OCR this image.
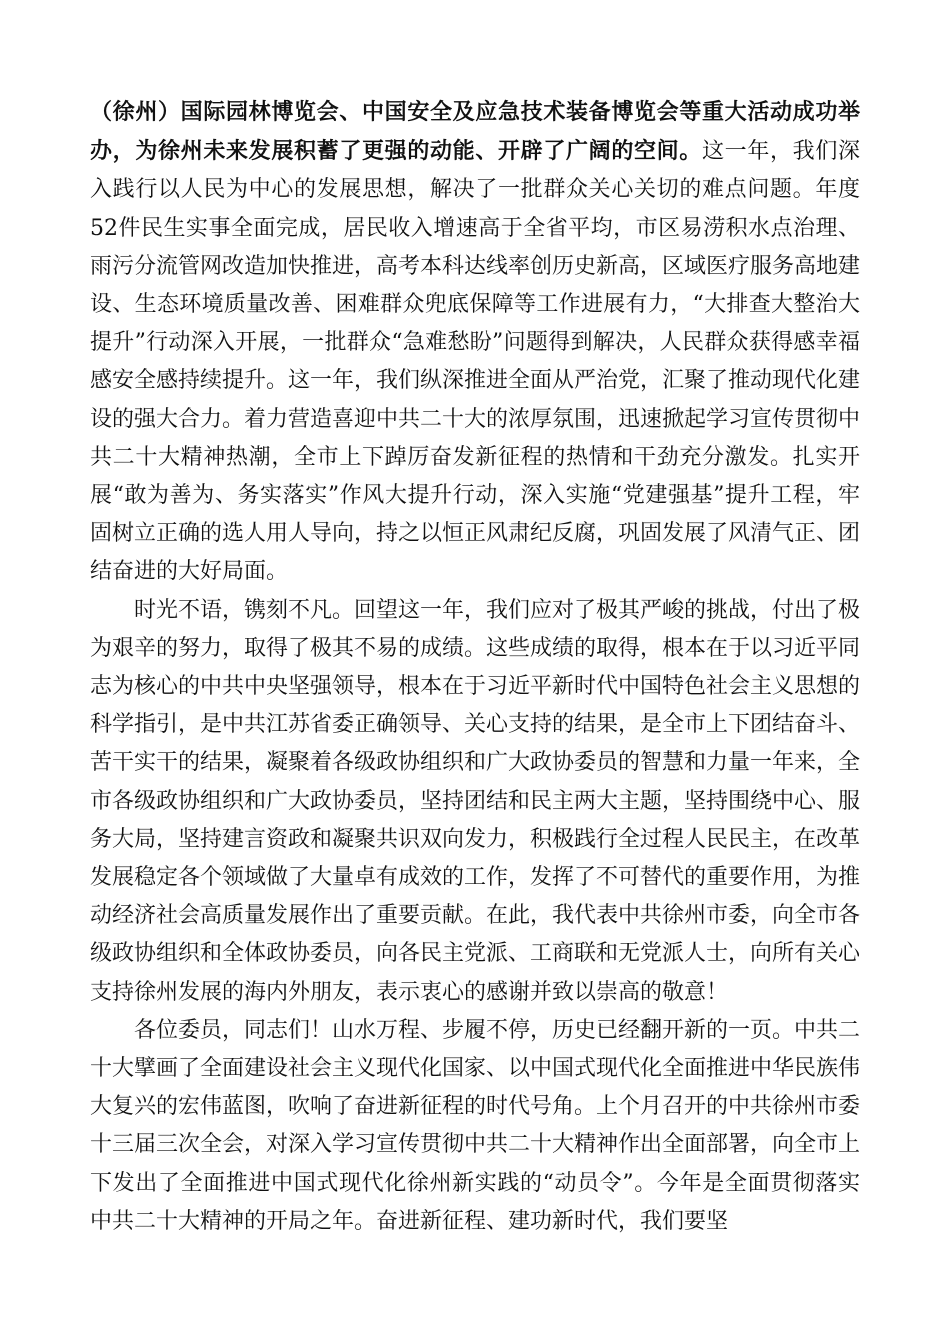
（徐州）国际园林博览会、中国安全及应急技术装备博览会等重大活动成功举办，为徐州未来发展积蓄了更强的动能、开辟了广阔的空间。这一年，我们深入践行以人民为中心的发展思想，解决了一批群众关心关切的难点问题。年度52件民生实事全面完成，居民收入增速高于全省平均，市区易涝积水点治理、雨污分流管网改造加快推进，高考本科达线率创历史新高，区域医疗服务高地建设、生态环境质量改善、困难群众兜底保障等工作进展有力，“大排查大整治大提升”行动深入开展，一批群众“急难愁盼”问题得到解决，人民群众获得感幸福感安全感持续提升。这一年，我们纵深推进全面从严治党，汇聚了推动现代化建设的强大合力。着力营造喜迎中共二十大的浓厚氛围，迅速掀起学习宣传贯彻中共二十大精神热潮，全市上下踔厉奋发新征程的热情和干劲充分激发。扎实开展“敢为善为、务实落实”作风大提升行动，深入实施“党建强基”提升工程，牢固树立正确的选人用人导向，持之以恒正风肃纪反腐，巩固发展了风清气正、团结奋进的大好局面。

时光不语，镌刻不凡。回望这一年，我们应对了极其严峻的挑战，付出了极为艰辛的努力，取得了极其不易的成绩。这些成绩的取得，根本在于以习近平同志为核心的中共中央坚强领导，根本在于习近平新时代中国特色社会主义思想的科学指引，是中共江苏省委正确领导、关心支持的结果，是全市上下团结奋斗、苦干实干的结果，凝聚着各级政协组织和广大政协委员的智慧和力量一年来，全市各级政协组织和广大政协委员，坚持团结和民主两大主题，坚持围绕中心、服务大局，坚持建言资政和凝聚共识双向发力，积极践行全过程人民民主，在改革发展稳定各个领域做了大量卓有成效的工作，发挥了不可替代的重要作用，为推动经济社会高质量发展作出了重要贡献。在此，我代表中共徐州市委，向全市各级政协组织和全体政协委员，向各民主党派、工商联和无党派人士，向所有关心支持徐州发展的海内外朋友，表示衷心的感谢并致以崇高的敬意！

各位委员，同志们！山水万程、步履不停，历史已经翻开新的一页。中共二十大擘画了全面建设社会主义现代化国家、以中国式现代化全面推进中华民族伟大复兴的宏伟蓝图，吹响了奋进新征程的时代号角。上个月召开的中共徐州市委十三届三次全会，对深入学习宣传贯彻中共二十大精神作出全面部署，向全市上下发出了全面推进中国式现代化徐州新实践的“动员令”。今年是全面贯彻落实中共二十大精神的开局之年。奋进新征程、建功新时代，我们要坚
